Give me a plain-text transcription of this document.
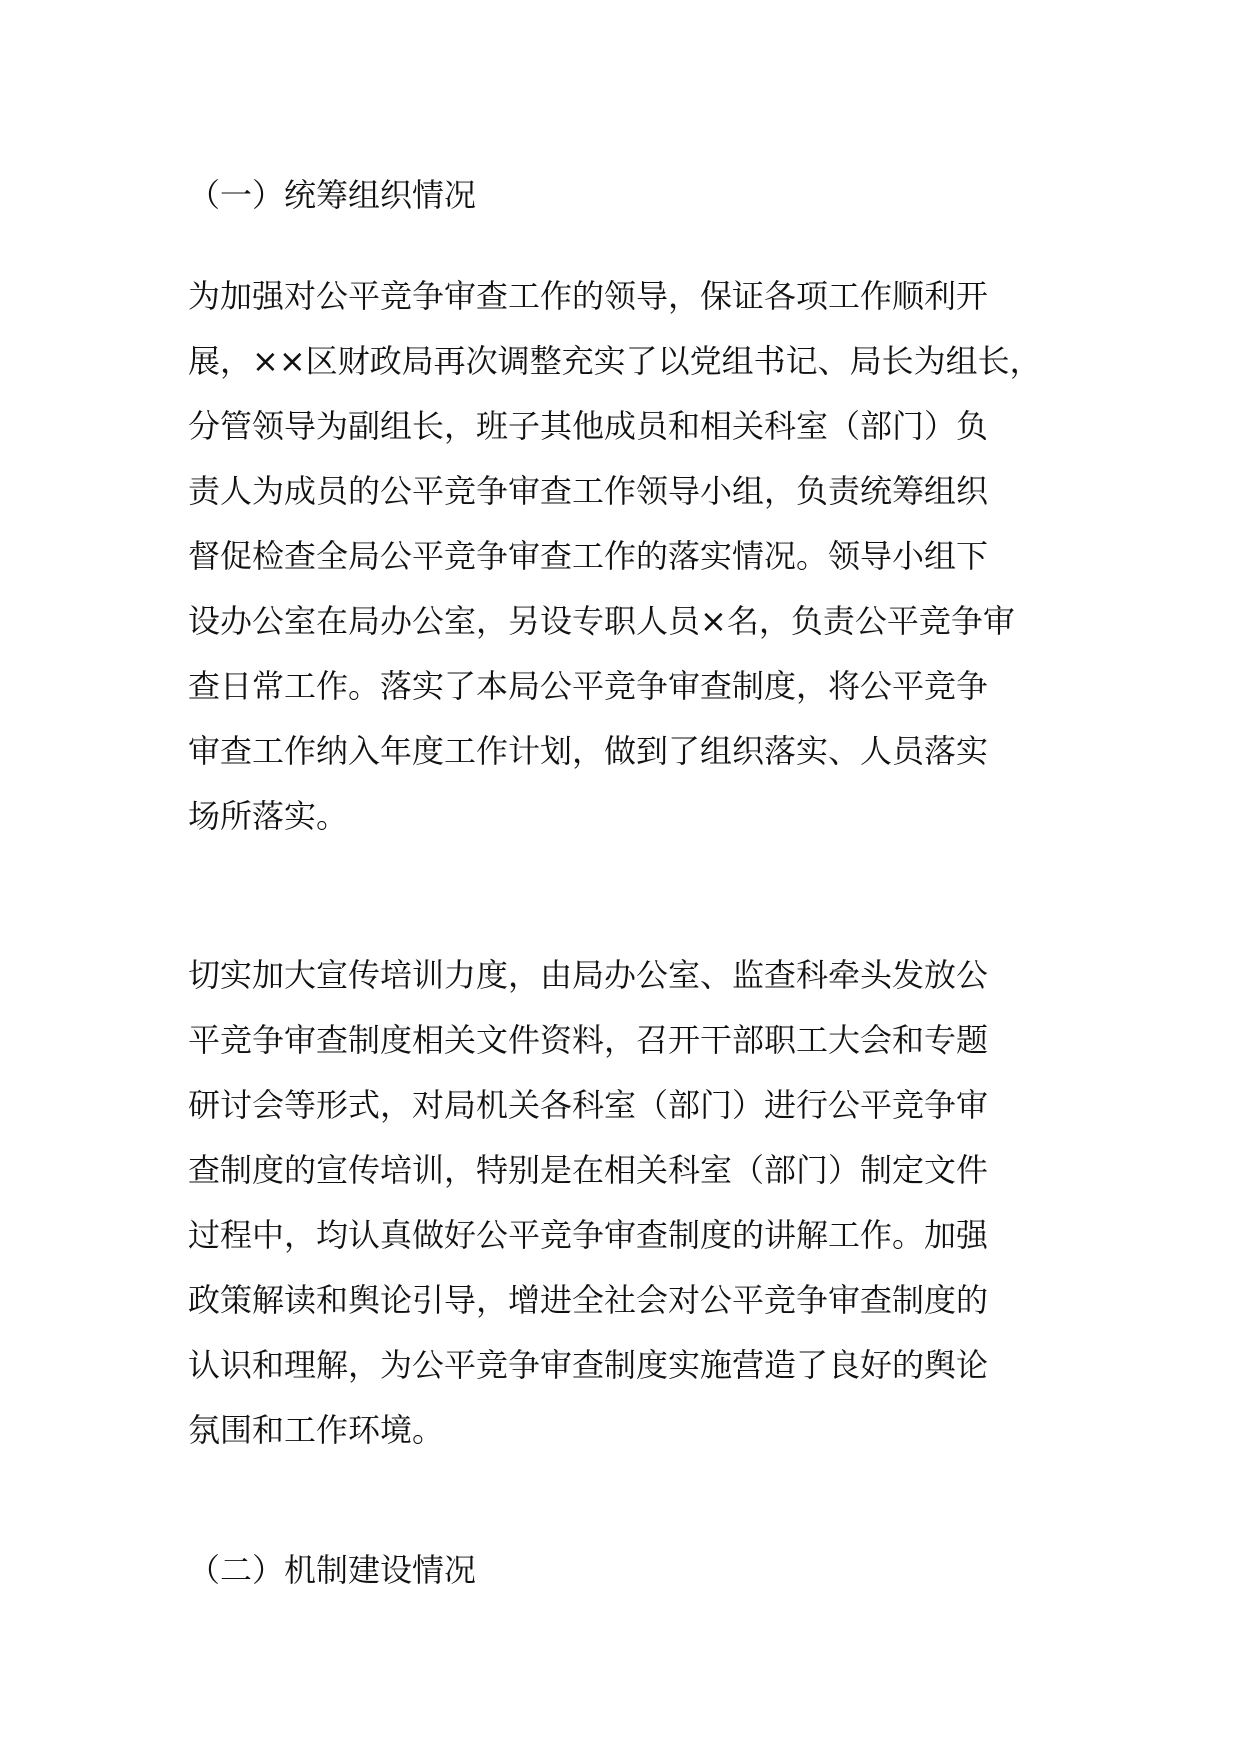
（一）统筹组织情况
为加强对公平竞争审查工作的领导，保证各项工作顺利开
展，××区财政局再次调整充实了以党组书记、局长为组长，
分管领导为副组长，班子其他成员和相关科室（部门）负
责人为成员的公平竞争审查工作领导小组，负责统筹组织
督促检查全局公平竞争审查工作的落实情况。领导小组下
设办公室在局办公室，另设专职人员×名，负责公平竞争审
查日常工作。落实了本局公平竞争审查制度，将公平竞争
审查工作纳入年度工作计划，做到了组织落实、人员落实
场所落实。
切实加大宣传培训力度，由局办公室、监查科牵头发放公
平竞争审查制度相关文件资料，召开干部职工大会和专题
研讨会等形式，对局机关各科室（部门）进行公平竞争审
查制度的宣传培训，特别是在相关科室（部门）制定文件
过程中，均认真做好公平竞争审查制度的讲解工作。加强
政策解读和舆论引导，增进全社会对公平竞争审查制度的
认识和理解，为公平竞争审查制度实施营造了良好的舆论
氛围和工作环境。
（二）机制建设情况
